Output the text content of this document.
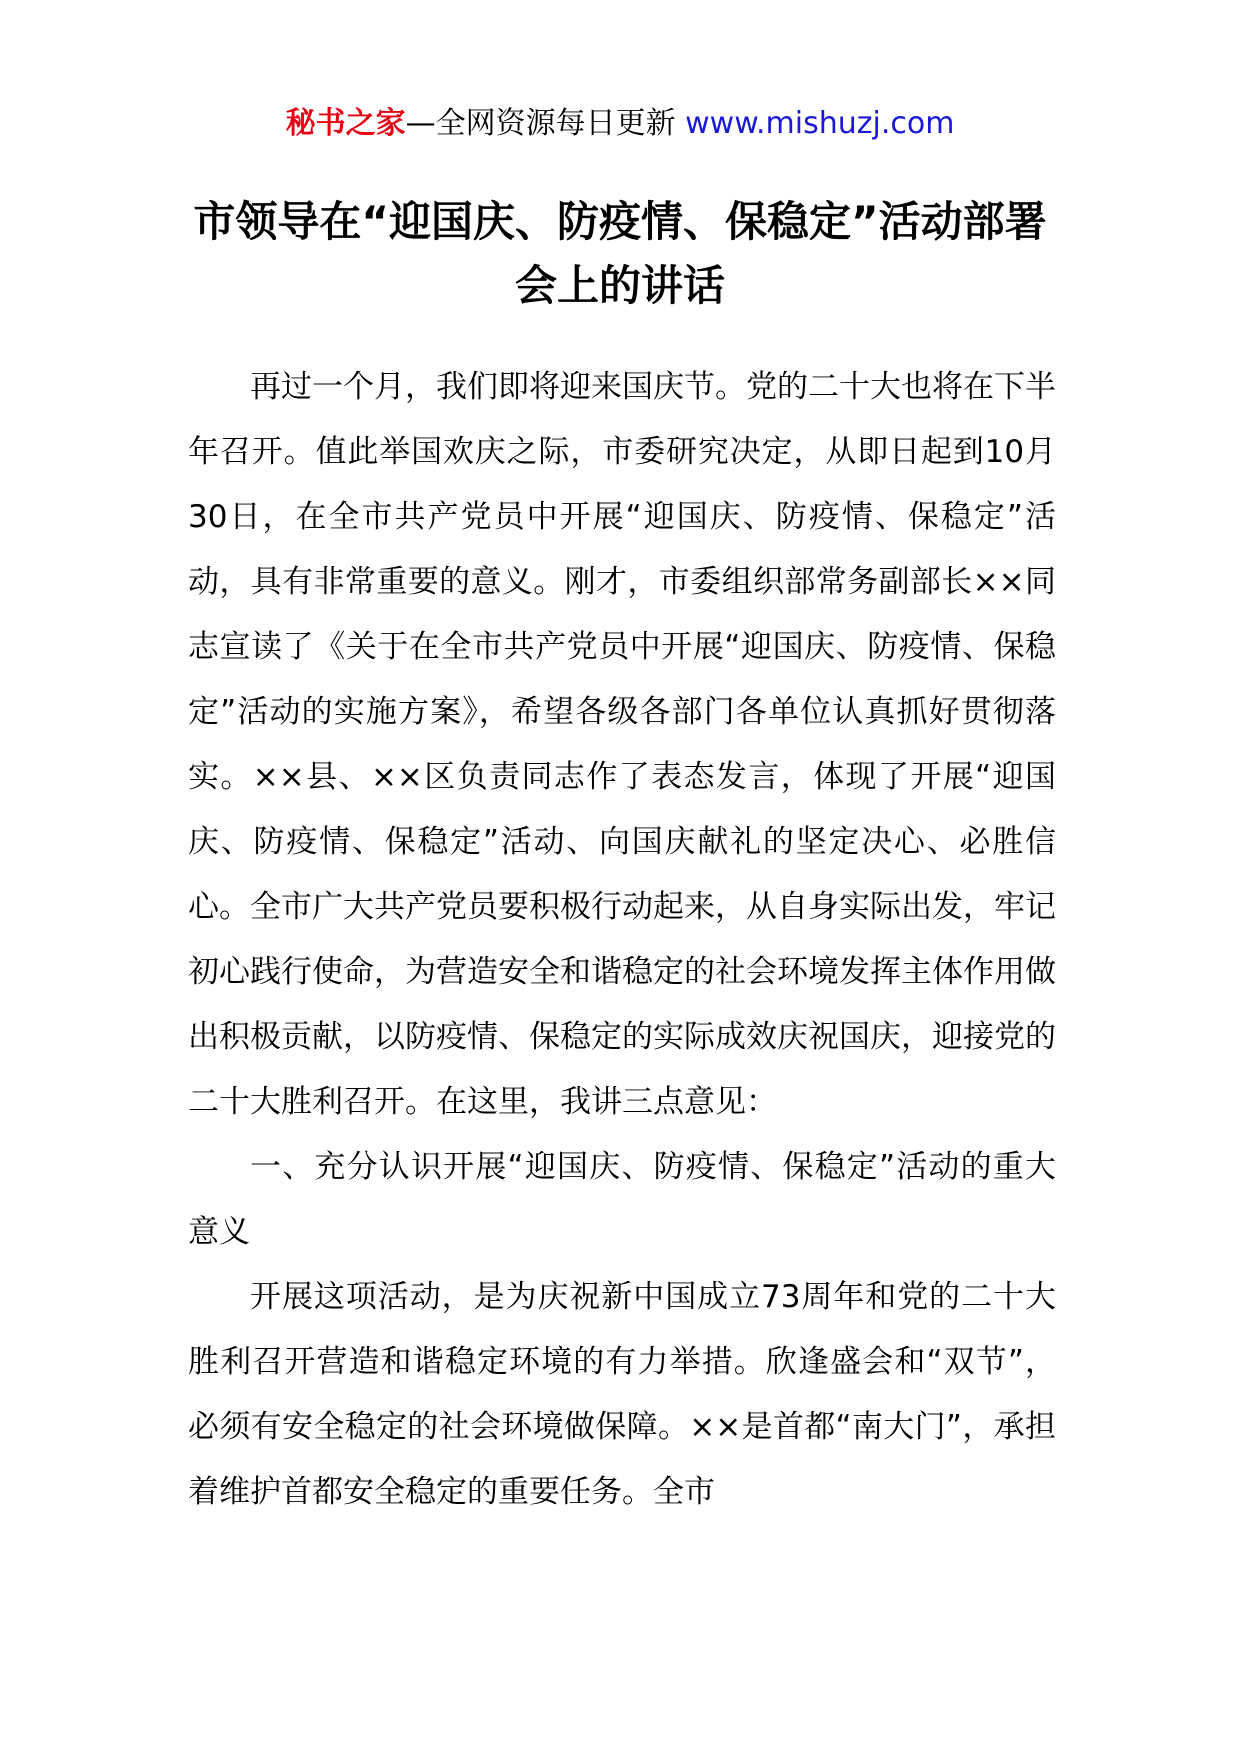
秘书之家—全网资源每日更新 www.mishuzj.com
市领导在“迎国庆、防疫情、保稳定”活动部署会上的讲话

再过一个月，我们即将迎来国庆节。党的二十大也将在下半年召开。值此举国欢庆之际，市委研究决定，从即日起到10月30日，在全市共产党员中开展“迎国庆、防疫情、保稳定”活动，具有非常重要的意义。刚才，市委组织部常务副部长××同志宣读了《关于在全市共产党员中开展“迎国庆、防疫情、保稳定”活动的实施方案》，希望各级各部门各单位认真抓好贯彻落实。××县、××区负责同志作了表态发言，体现了开展“迎国庆、防疫情、保稳定”活动、向国庆献礼的坚定决心、必胜信心。全市广大共产党员要积极行动起来，从自身实际出发，牢记初心践行使命，为营造安全和谐稳定的社会环境发挥主体作用做出积极贡献，以防疫情、保稳定的实际成效庆祝国庆，迎接党的二十大胜利召开。在这里，我讲三点意见：

一、充分认识开展“迎国庆、防疫情、保稳定”活动的重大意义

开展这项活动，是为庆祝新中国成立73周年和党的二十大胜利召开营造和谐稳定环境的有力举措。欣逢盛会和“双节”，必须有安全稳定的社会环境做保障。××是首都“南大门”，承担着维护首都安全稳定的重要任务。全市
